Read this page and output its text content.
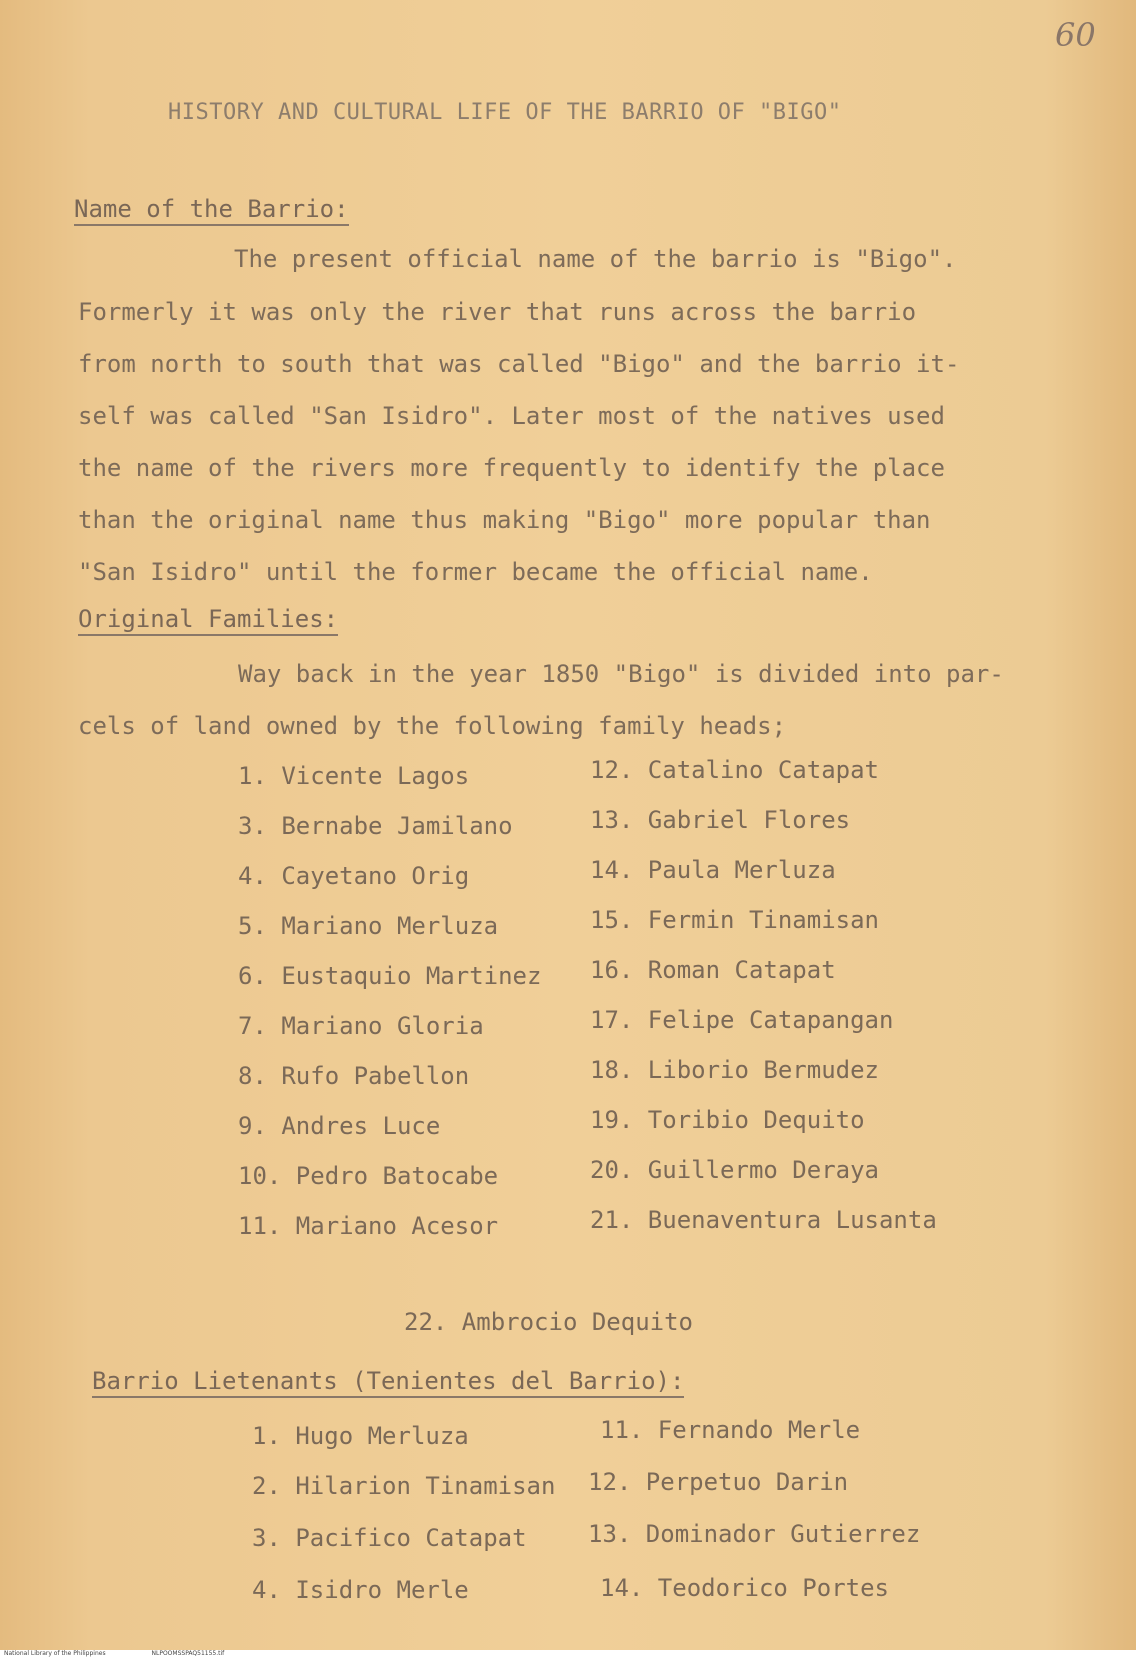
60
HISTORY AND CULTURAL LIFE OF THE BARRIO OF "BIGO"
Name of the Barrio:
The present official name of the barrio is "Bigo".
Formerly it was only the river that runs across the barrio
from north to south that was called "Bigo" and the barrio it-
self was called "San Isidro". Later most of the natives used
the name of the rivers more frequently to identify the place
than the original name thus making "Bigo" more popular than
"San Isidro" until the former became the official name.
Original Families:
Way back in the year 1850 "Bigo" is divided into par-
cels of land owned by the following family heads;
1. Vicente Lagos
3. Bernabe Jamilano
4. Cayetano Orig
5. Mariano Merluza
6. Eustaquio Martinez
7. Mariano Gloria
8. Rufo Pabellon
9. Andres Luce
10. Pedro Batocabe
11. Mariano Acesor
12. Catalino Catapat
13. Gabriel Flores
14. Paula Merluza
15. Fermin Tinamisan
16. Roman Catapat
17. Felipe Catapangan
18. Liborio Bermudez
19. Toribio Dequito
20. Guillermo Deraya
21. Buenaventura Lusanta
22. Ambrocio Dequito
Barrio Lietenants (Tenientes del Barrio):
1. Hugo Merluza
2. Hilarion Tinamisan
3. Pacifico Catapat
4. Isidro Merle
11. Fernando Merle
12. Perpetuo Darin
13. Dominador Gutierrez
14. Teodorico Portes
National Library of the Philippines	NLPOOMSSPAQ51155.tif
